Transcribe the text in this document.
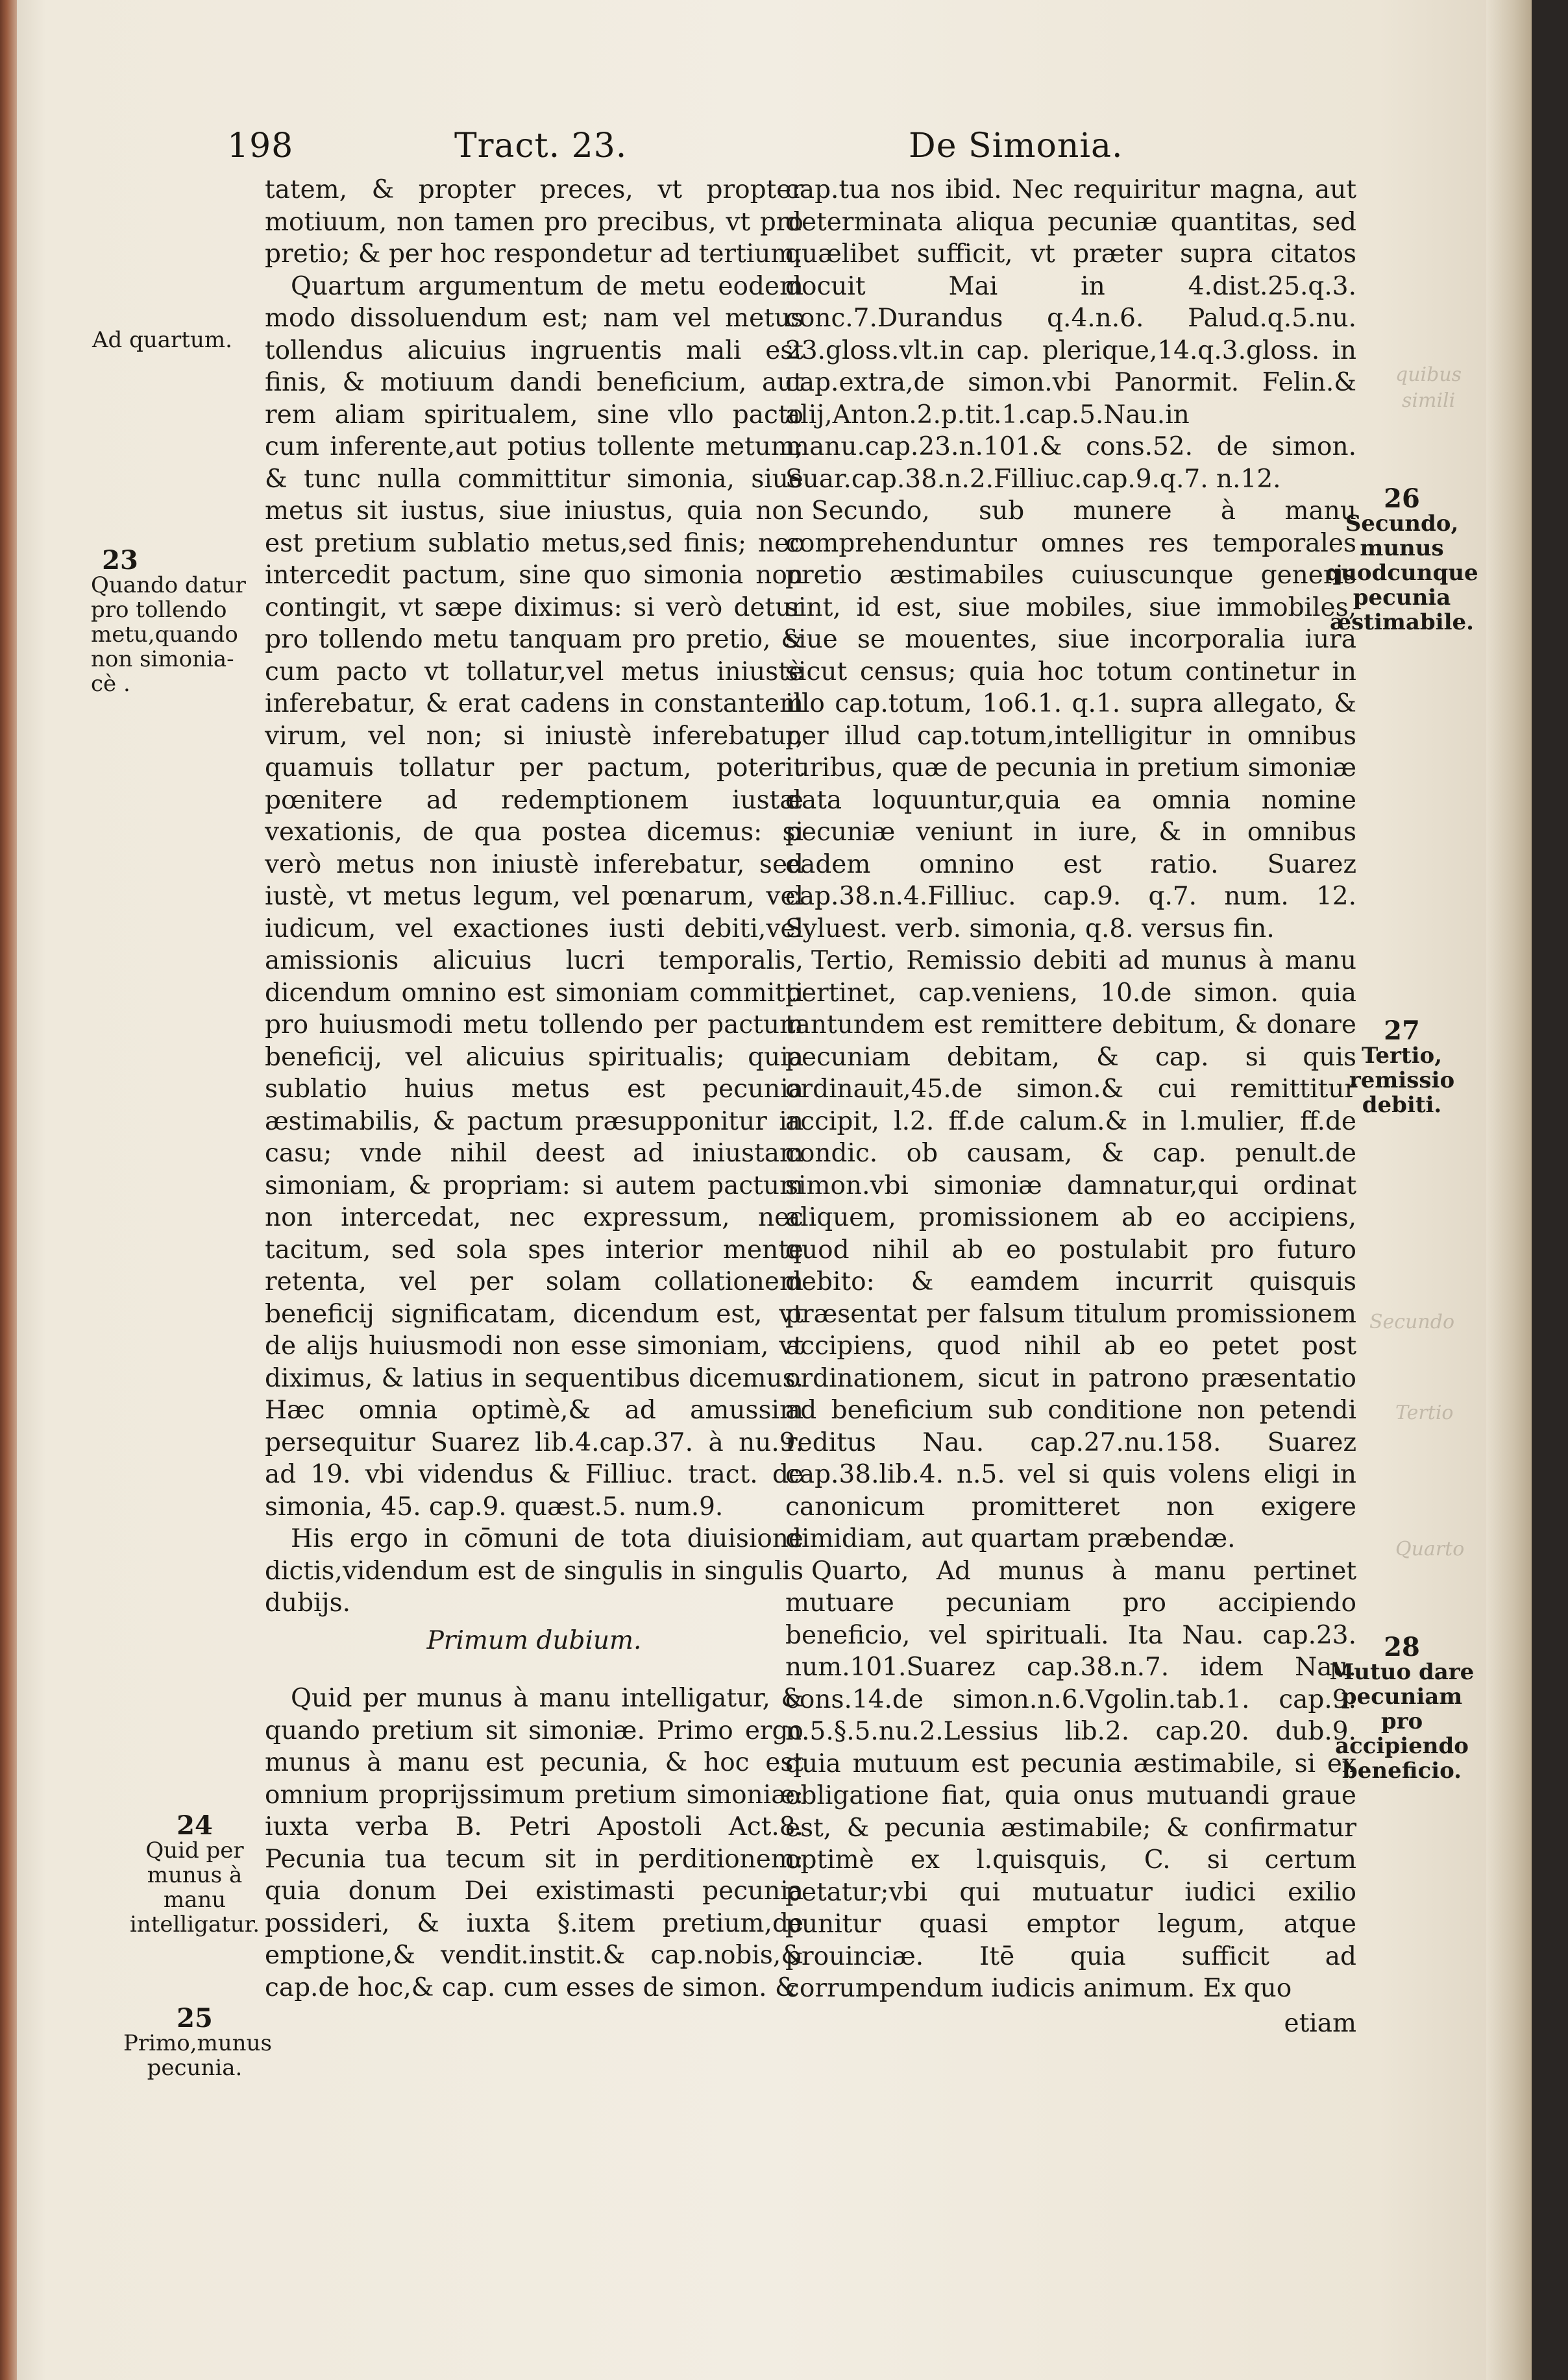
198	Tract. 23.	De Simonia.
Ad quartum.
23
Quando datur pro tollendo metu,quando non simonia-cè .
24
Quid per munus à manu intelligatur.
25
Primo,munus pecunia.

tatem, & propter preces, vt propter motiuum, non tamen pro precibus, vt pro pretio; & per hoc respondetur ad tertium.

Quartum argumentum de metu eodem modo dissoluendum est; nam vel metus tollendus alicuius ingruentis mali est finis, & motiuum dandi beneficium, aut rem aliam spiritualem, sine vllo pacto cum inferente,aut potius tollente metum; & tunc nulla committitur simonia, siue metus sit iustus, siue iniustus, quia non est pretium sublatio metus,sed finis; nec intercedit pactum, sine quo simonia non contingit, vt sæpe diximus: si verò detur pro tollendo metu tanquam pro pretio, & cum pacto vt tollatur,vel metus iniustè inferebatur, & erat cadens in constantem virum, vel non; si iniustè inferebatur, quamuis tollatur per pactum, poterit pœnitere ad redemptionem iustæ vexationis, de qua postea dicemus: si verò metus non iniustè inferebatur, sed iustè, vt metus legum, vel pœnarum, vel iudicum, vel exactiones iusti debiti,vel amissionis alicuius lucri temporalis, dicendum omnino est simoniam committi pro huiusmodi metu tollendo per pactum beneficij, vel alicuius spiritualis; quia sublatio huius metus est pecunia æstimabilis, & pactum præsupponitur in casu; vnde nihil deest ad iniustam simoniam, & propriam: si autem pactum non intercedat, nec expressum, nec tacitum, sed sola spes interior mente retenta, vel per solam collationem beneficij significatam, dicendum est, vt de alijs huiusmodi non esse simoniam, vt diximus, & latius in sequentibus dicemus. Hæc omnia optimè,& ad amussim persequitur Suarez lib.4.cap.37. à nu.9. ad 19. vbi videndus & Filliuc. tract. de simonia, 45. cap.9. quæst.5. num.9.

His ergo in cōmuni de tota diuisione dictis,videndum est de singulis in singulis dubijs.

Primum dubium.

Quid per munus à manu intelligatur, & quando pretium sit simoniæ. Primo ergo munus à manu est pecunia, & hoc est omnium proprijssimum pretium simoniæ: iuxta verba B. Petri Apostoli Act.8. Pecunia tua tecum sit in perditionem: quia donum Dei existimasti pecunia possideri, & iuxta §.item pretium,de emptione,& vendit.instit.& cap.nobis,& cap.de hoc,& cap. cum esses de simon. &

cap.tua nos ibid. Nec requiritur magna, aut determinata aliqua pecuniæ quantitas, sed quælibet sufficit, vt præter supra citatos docuit Mai in 4.dist.25.q.3. conc.7.Durandus q.4.n.6. Palud.q.5.nu. 23.gloss.vlt.in cap. plerique,14.q.3.gloss. in cap.extra,de simon.vbi Panormit. Felin.& alij,Anton.2.p.tit.1.cap.5.Nau.in manu.cap.23.n.101.& cons.52. de simon. Suar.cap.38.n.2.Filliuc.cap.9.q.7. n.12.

Secundo, sub munere à manu comprehenduntur omnes res temporales pretio æstimabiles cuiuscunque generis sint, id est, siue mobiles, siue immobiles, siue se mouentes, siue incorporalia iura sicut census; quia hoc totum continetur in illo cap.totum, 1o6.1. q.1. supra allegato, & per illud cap.totum,intelligitur in omnibus iuribus, quæ de pecunia in pretium simoniæ data loquuntur,quia ea omnia nomine pecuniæ veniunt in iure, & in omnibus eadem omnino est ratio. Suarez cap.38.n.4.Filliuc. cap.9. q.7. num. 12. Syluest. verb. simonia, q.8. versus fin.

Tertio, Remissio debiti ad munus à manu pertinet, cap.veniens, 10.de simon. quia tantundem est remittere debitum, & donare pecuniam debitam, & cap. si quis ordinauit,45.de simon.& cui remittitur accipit, l.2. ff.de calum.& in l.mulier, ff.de condic. ob causam, & cap. penult.de simon.vbi simoniæ damnatur,qui ordinat aliquem, promissionem ab eo accipiens, quod nihil ab eo postulabit pro futuro debito: & eamdem incurrit quisquis præsentat per falsum titulum promissionem accipiens, quod nihil ab eo petet post ordinationem, sicut in patrono præsentatio ad beneficium sub conditione non petendi reditus Nau. cap.27.nu.158. Suarez cap.38.lib.4. n.5. vel si quis volens eligi in canonicum promitteret non exigere dimidiam, aut quartam præbendæ.

Quarto, Ad munus à manu pertinet mutuare pecuniam pro accipiendo beneficio, vel spirituali. Ita Nau. cap.23. num.101.Suarez cap.38.n.7. idem Nau. cons.14.de simon.n.6.Vgolin.tab.1. cap.9. n.5.§.5.nu.2.Lessius lib.2. cap.20. dub.9. quia mutuum est pecunia æstimabile, si ex obligatione fiat, quia onus mutuandi graue est, & pecunia æstimabile; & confirmatur optimè ex l.quisquis, C. si certum petatur;vbi qui mutuatur iudici exilio punitur quasi emptor legum, atque prouinciæ. Itē quia sufficit ad corrumpendum iudicis animum. Ex quo

etiam

26
Secundo, munus quodcunque pecunia æstimabile.
27
Tertio, remissio debiti.
28
Mutuo dare pecuniam pro accipiendo beneficio.
quibus
simili
Secundo
Tertio
Quarto
